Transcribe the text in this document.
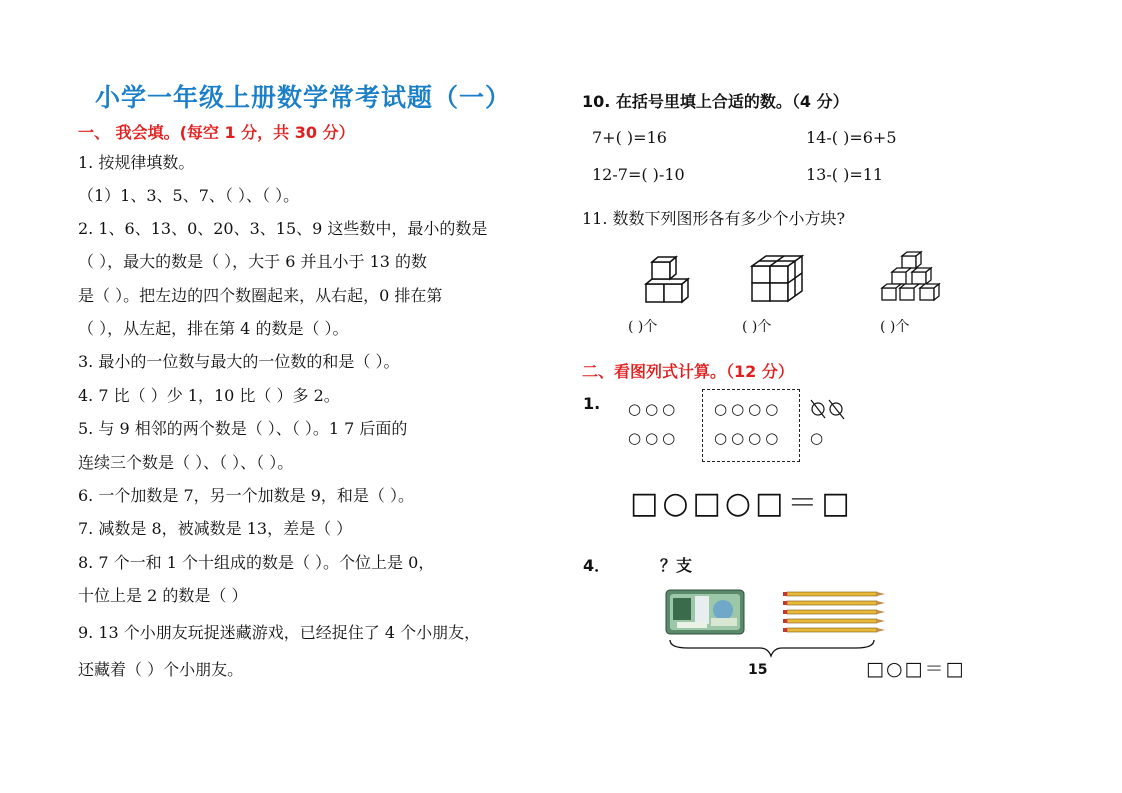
小学一年级上册数学常考试题（一）
一、 我会填。(每空 1 分，共 30 分）
1. 按规律填数。
（1）1、3、5、7、（ ）、（ ）。
2. 1、6、13、0、20、3、15、9 这些数中，最小的数是
（ ），最大的数是（ ），大于 6 并且小于 13 的数
是（ ）。把左边的四个数圈起来，从右起，0 排在第
（ ），从左起，排在第 4 的数是（ ）。
3. 最小的一位数与最大的一位数的和是（ ）。
4. 7 比（ ）少 1，10 比（ ）多 2。
5. 与 9 相邻的两个数是（ ）、（ ）。1 7 后面的
连续三个数是（ ）、（ ）、（ ）。
6. 一个加数是 7，另一个加数是 9，和是（ ）。
7. 减数是 8，被减数是 13，差是（ ）
8. 7 个一和 1 个十组成的数是（ ）。个位上是 0，
十位上是 2 的数是（ ）
9. 13 个小朋友玩捉迷藏游戏，已经捉住了 4 个小朋友，
还藏着（ ）个小朋友。
10. 在括号里填上合适的数。（4 分）
7+( )=16	14-( )=6+5
12-7=( )-10	13-( )=11
11. 数数下列图形各有多少个小方块?
( )个	( )个	( )个
二、看图列式计算。（12 分）
1. ○○○
○○○
○○○○
○○○○ ○
□○□○□＝□
4．	？支
15	□○□＝□
